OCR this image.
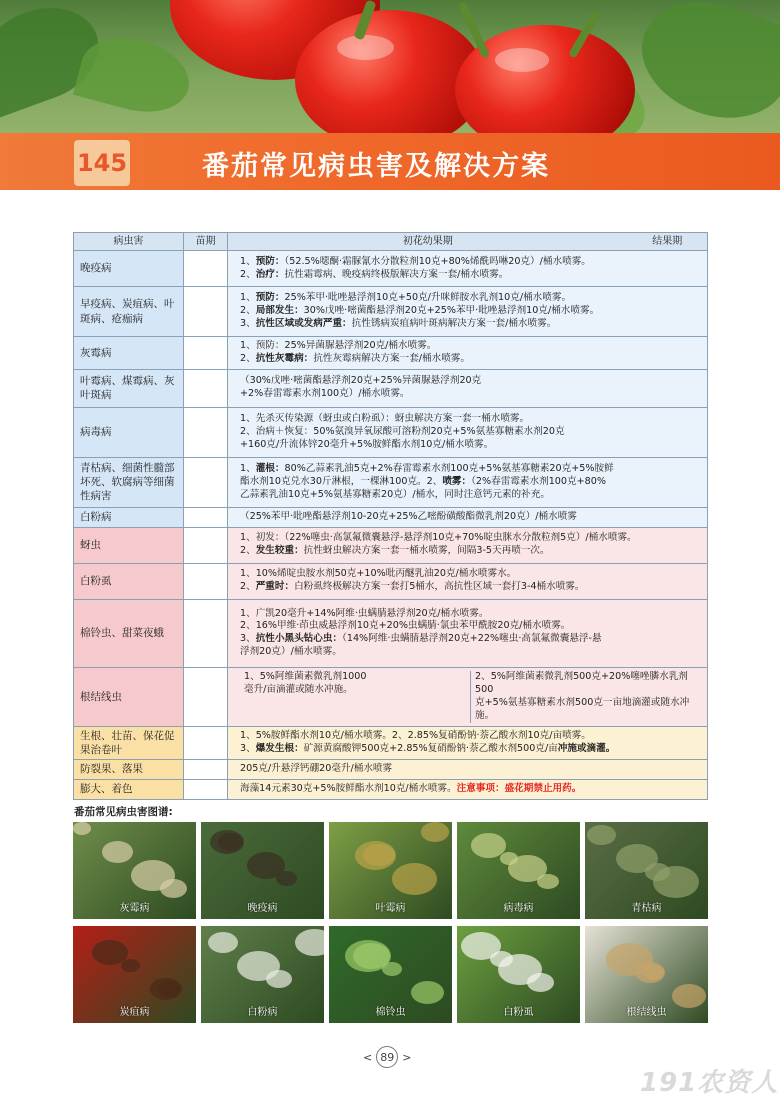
145	番茄常见病虫害及解决方案
病虫害	苗期	初花幼果期	结果期
晚疫病		1、预防：（52.5%噁酮·霜脲氰水分散粒剂10克+80%烯酰吗啉20克）/桶水喷雾。
2、治疗：抗性霜霉病、晚疫病终极版解决方案一套/桶水喷雾。	

早疫病、炭疽病、叶斑病、疮痂病		1、预防：25%苯甲·吡唑悬浮剂10克+50克/升咪鲜胺水乳剂10克/桶水喷雾。
2、局部发生：30%戊唑·嘧菌酯悬浮剂20克+25%苯甲·吡唑悬浮剂10克/桶水喷雾。
3、抗性区域或发病严重：抗性锈病炭疽病叶斑病解决方案一套/桶水喷雾。	

灰霉病		1、预防：25%异菌脲悬浮剂20克/桶水喷雾。
2、抗性灰霉病：抗性灰霉病解决方案一套/桶水喷雾。	

叶霉病、煤霉病、灰叶斑病		（30%戊唑·嘧菌酯悬浮剂20克+25%异菌脲悬浮剂20克
+2%春雷霉素水剂100克）/桶水喷雾。	

病毒病		1、先杀灭传染源（蚜虫或白粉虱）：蚜虫解决方案一套一桶水喷雾。
2、治病＋恢复：50%氨溴异氧尿酸可溶粉剂20克+5%氨基寡糖素水剂20克
+160克/升流体锌20毫升+5%胺鲜酯水剂10克/桶水喷雾。	

青枯病、细菌性髓部坏死、软腐病等细菌性病害		1、灌根：80%乙蒜素乳油5克+2%春雷霉素水剂100克+5%氨基寡糖素20克+5%胺鲜
酯水剂10克兑水30斤淋根，一棵淋100克。2、喷雾：（2%春雷霉素水剂100克+80%
乙蒜素乳油10克+5%氨基寡糖素20克）/桶水，同时注意钙元素的补充。	

白粉病		（25%苯甲·吡唑酯悬浮剂10-20克+25%乙嘧酚磺酸酯微乳剂20克）/桶水喷雾	

蚜虫		1、初发：（22%噻虫·高氯氟微囊悬浮-悬浮剂10克+70%啶虫脒水分散粒剂5克）/桶水喷雾。
2、发生较重：抗性蚜虫解决方案一套一桶水喷雾，间隔3-5天再喷一次。	

白粉虱		1、10%烯啶虫胺水剂50克+10%吡丙醚乳油20克/桶水喷雾水。
2、严重时：白粉虱终极解决方案一套打5桶水，高抗性区域一套打3-4桶水喷雾。	

棉铃虫、甜菜夜蛾		1、广凯20毫升+14%阿维·虫螨腈悬浮剂20克/桶水喷雾。
2、16%甲维·茚虫威悬浮剂10克+20%虫螨腈·氯虫苯甲酰胺20克/桶水喷雾。
3、抗性小黑头钻心虫：（14%阿维·虫螨腈悬浮剂20克+22%噻虫·高氯氟微囊悬浮-悬
浮剂20克）/桶水喷雾。	

根结线虫		1、5%阿维菌素微乳剂1000
毫升/亩滴灌或随水冲施。
2、5%阿维菌素微乳剂500克+20%噻唑膦水乳剂500
克+5%氨基寡糖素水剂500克一亩地滴灌或随水冲施。	

生根、壮苗、保花促果治卷叶		1、5%胺鲜酯水剂10克/桶水喷雾。2、2.85%复硝酚钠·萘乙酸水剂10克/亩喷雾。
3、爆发生根：矿源黄腐酸钾500克+2.85%复硝酚钠·萘乙酸水剂500克/亩冲施或滴灌。	

防裂果、落果		205克/升悬浮钙硼20毫升/桶水喷雾	

膨大、着色		海藻14元素30克+5%胺鲜酯水剂10克/桶水喷雾。注意事项：盛花期禁止用药。	
番茄常见病虫害图谱:
灰霉病	晚疫病	叶霉病	病毒病	青枯病
炭疽病	白粉病	棉铃虫	白粉虱	根结线虫
< 89 >
191农资人
